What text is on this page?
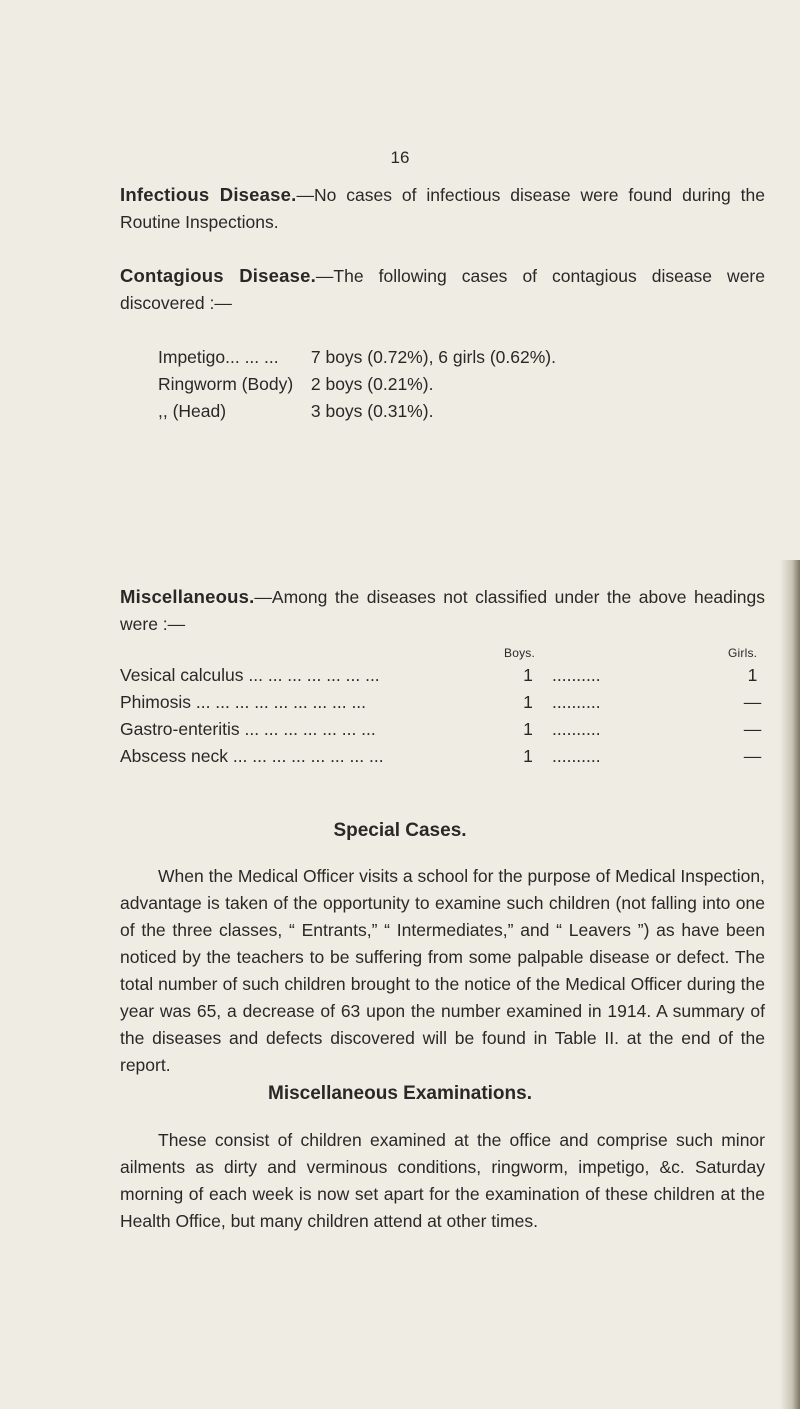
16
Infectious Disease.—No cases of infectious disease were found during the Routine Inspections.
Contagious Disease.—The following cases of contagious disease were discovered :—
Impetigo... ... ... 7 boys (0.72%), 6 girls (0.62%).
Ringworm (Body) 2 boys (0.21%).
,, (Head)	3 boys (0.31%).
Miscellaneous.—Among the diseases not classified under the above headings were :—
Boys.	Girls.
Vesical calculus ... ... ... ... ... ... ...	1 ..........	1
Phimosis ... ... ... ... ... ... ... ... ...	1 ..........	—
Gastro-enteritis ... ... ... ... ... ... ...	1 ..........	—
Abscess neck ... ... ... ... ... ... ... ...	1 ..........	—
Special Cases.
When the Medical Officer visits a school for the purpose of Medical Inspection, advantage is taken of the opportunity to examine such children (not falling into one of the three classes, “ Entrants,” “ Intermediates,” and “ Leavers ”) as have been noticed by the teachers to be suffering from some palpable disease or defect. The total number of such children brought to the notice of the Medical Officer during the year was 65, a decrease of 63 upon the number examined in 1914. A summary of the diseases and defects discovered will be found in Table II. at the end of the report.
Miscellaneous Examinations.
These consist of children examined at the office and comprise such minor ailments as dirty and verminous conditions, ringworm, impetigo, &c. Saturday morning of each week is now set apart for the examination of these children at the Health Office, but many children attend at other times.
